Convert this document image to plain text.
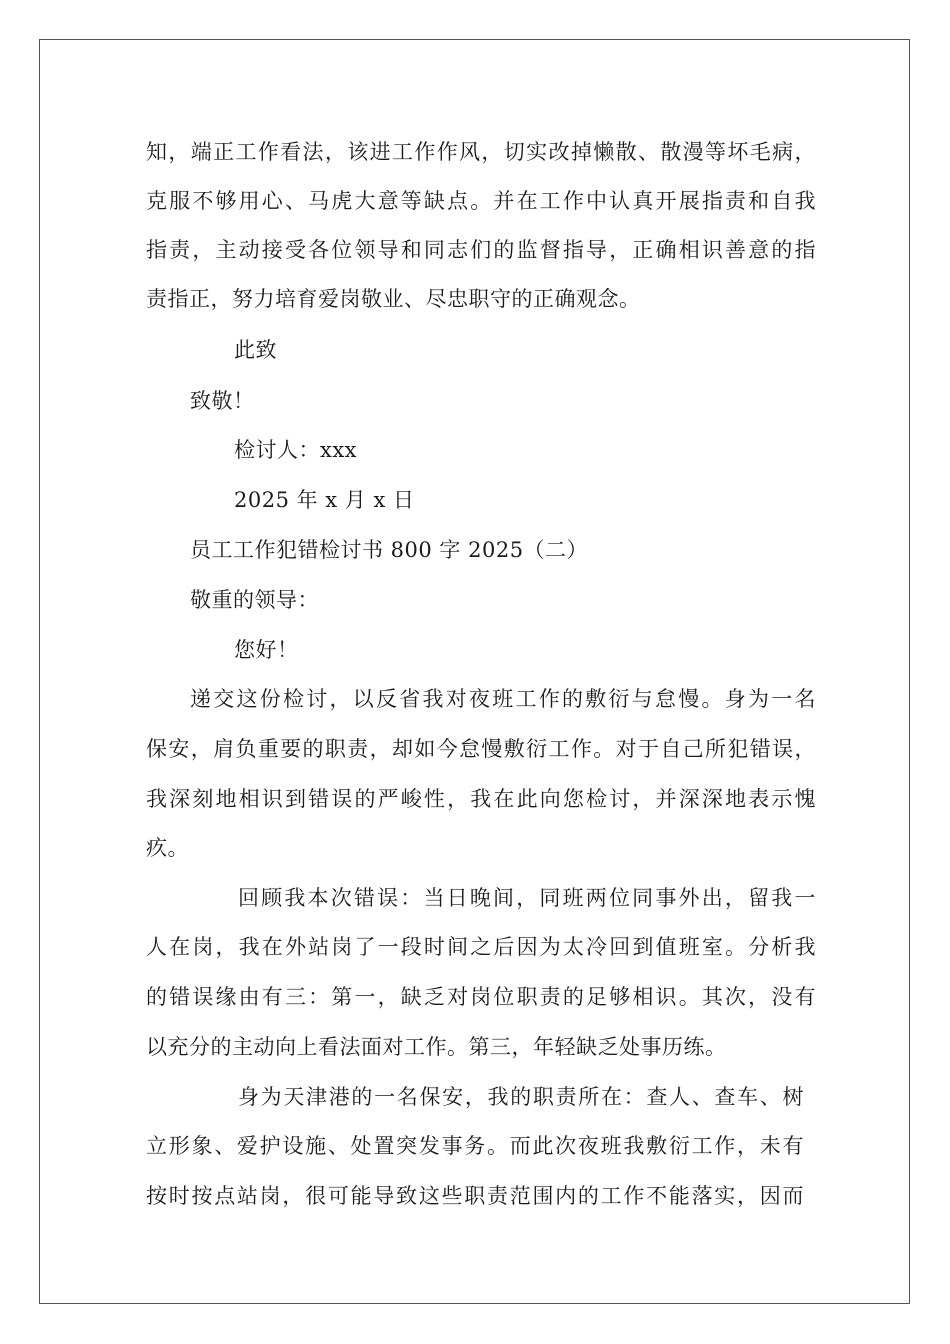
知，端正工作看法，该进工作作风，切实改掉懒散、散漫等坏毛病，
克服不够用心、马虎大意等缺点。并在工作中认真开展指责和自我
指责，主动接受各位领导和同志们的监督指导，正确相识善意的指
责指正，努力培育爱岗敬业、尽忠职守的正确观念。
此致
致敬！
检讨人：xxx
2025 年 x 月 x 日
员工工作犯错检讨书 800 字 2025（二）
敬重的领导：
您好！
递交这份检讨，以反省我对夜班工作的敷衍与怠慢。身为一名
保安，肩负重要的职责，却如今怠慢敷衍工作。对于自己所犯错误，
我深刻地相识到错误的严峻性，我在此向您检讨，并深深地表示愧
疚。
回顾我本次错误：当日晚间，同班两位同事外出，留我一
人在岗，我在外站岗了一段时间之后因为太冷回到值班室。分析我
的错误缘由有三：第一，缺乏对岗位职责的足够相识。其次，没有
以充分的主动向上看法面对工作。第三，年轻缺乏处事历练。
身为天津港的一名保安，我的职责所在：查人、查车、树
立形象、爱护设施、处置突发事务。而此次夜班我敷衍工作，未有
按时按点站岗，很可能导致这些职责范围内的工作不能落实，因而
